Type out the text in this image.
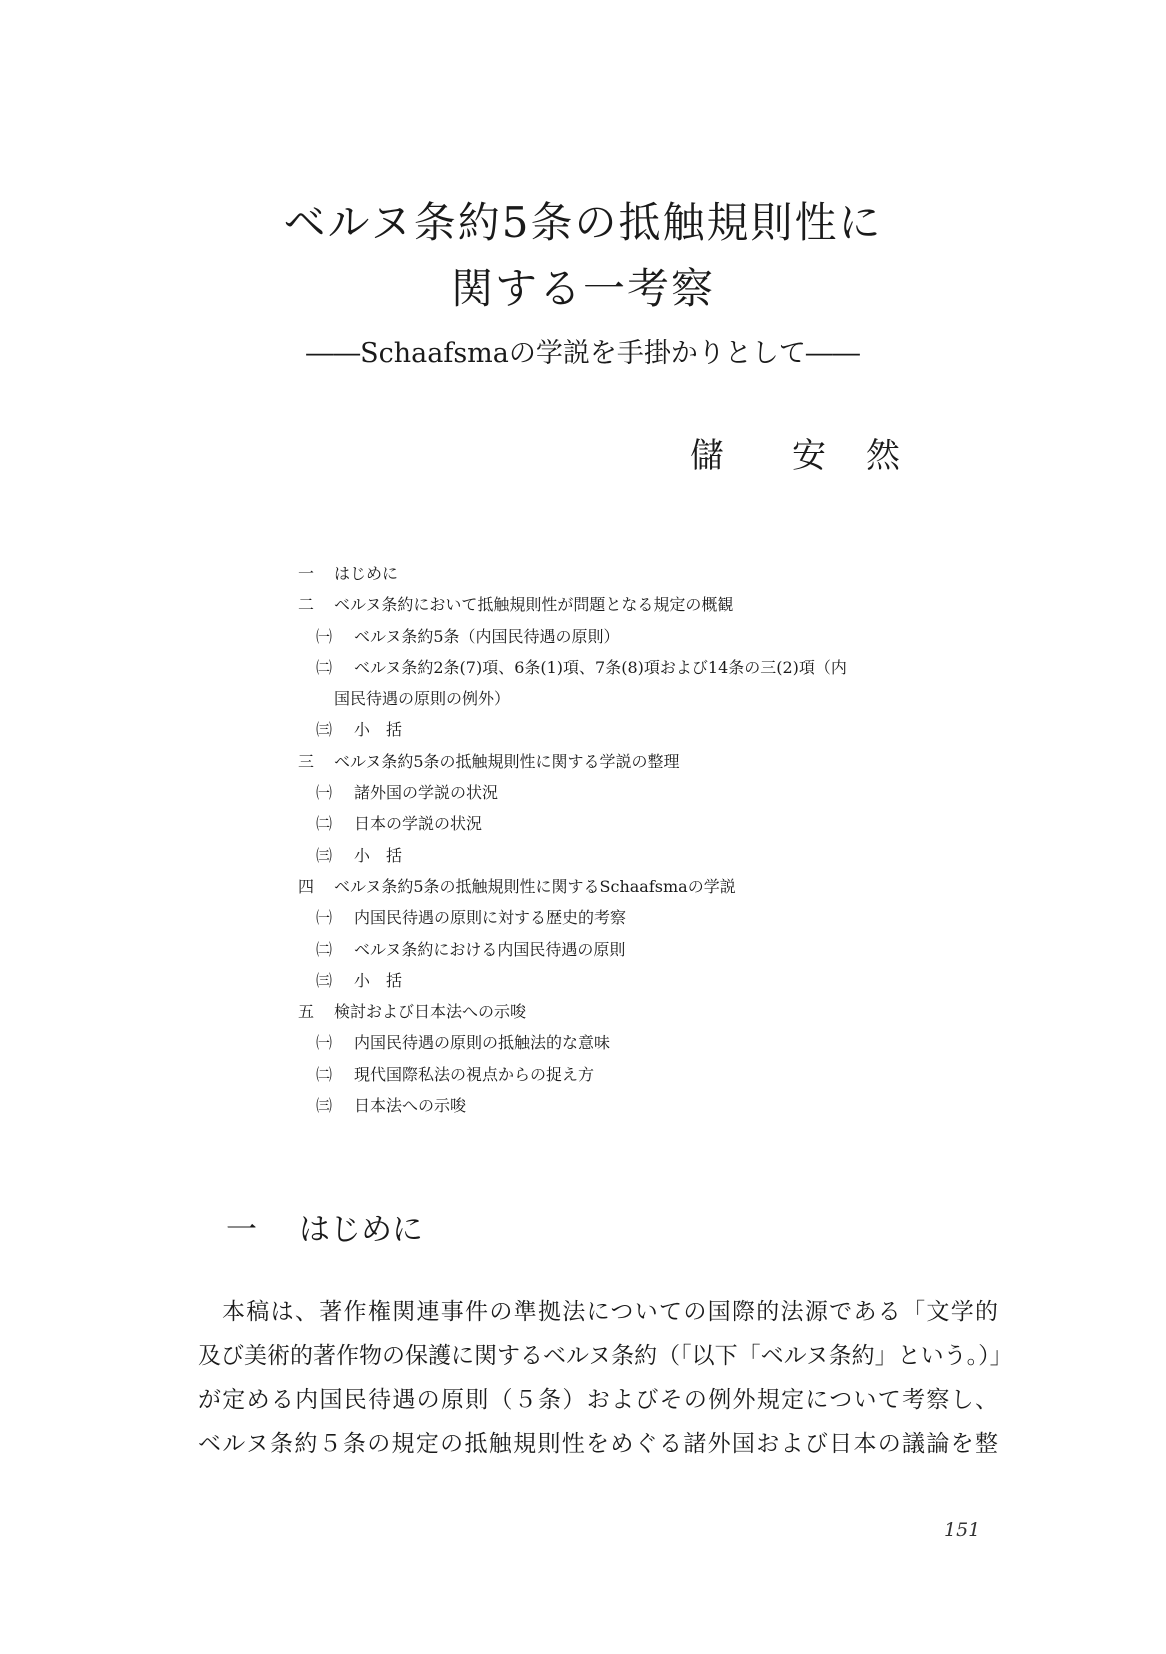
ベルヌ条約5条の抵触規則性に
関する一考察
――Schaafsmaの学説を手掛かりとして――
儲 安 然
一	はじめに
二	ベルヌ条約において抵触規則性が問題となる規定の概観
㈠	ベルヌ条約5条（内国民待遇の原則）
㈡	ベルヌ条約2条(7)項、6条(1)項、7条(8)項および14条の三(2)項（内
国民待遇の原則の例外）
㈢	小　括
三	ベルヌ条約5条の抵触規則性に関する学説の整理
㈠	諸外国の学説の状況
㈡	日本の学説の状況
㈢	小　括
四	ベルヌ条約5条の抵触規則性に関するSchaafsmaの学説
㈠	内国民待遇の原則に対する歴史的考察
㈡	ベルヌ条約における内国民待遇の原則
㈢	小　括
五	検討および日本法への示唆
㈠	内国民待遇の原則の抵触法的な意味
㈡	現代国際私法の視点からの捉え方
㈢	日本法への示唆
一 はじめに
本稿は、著作権関連事件の準拠法についての国際的法源である「文学的
及び美術的著作物の保護に関するベルヌ条約（「以下「ベルヌ条約」という。）」
が定める内国民待遇の原則（５条）およびその例外規定について考察し、
ベルヌ条約５条の規定の抵触規則性をめぐる諸外国および日本の議論を整
151
